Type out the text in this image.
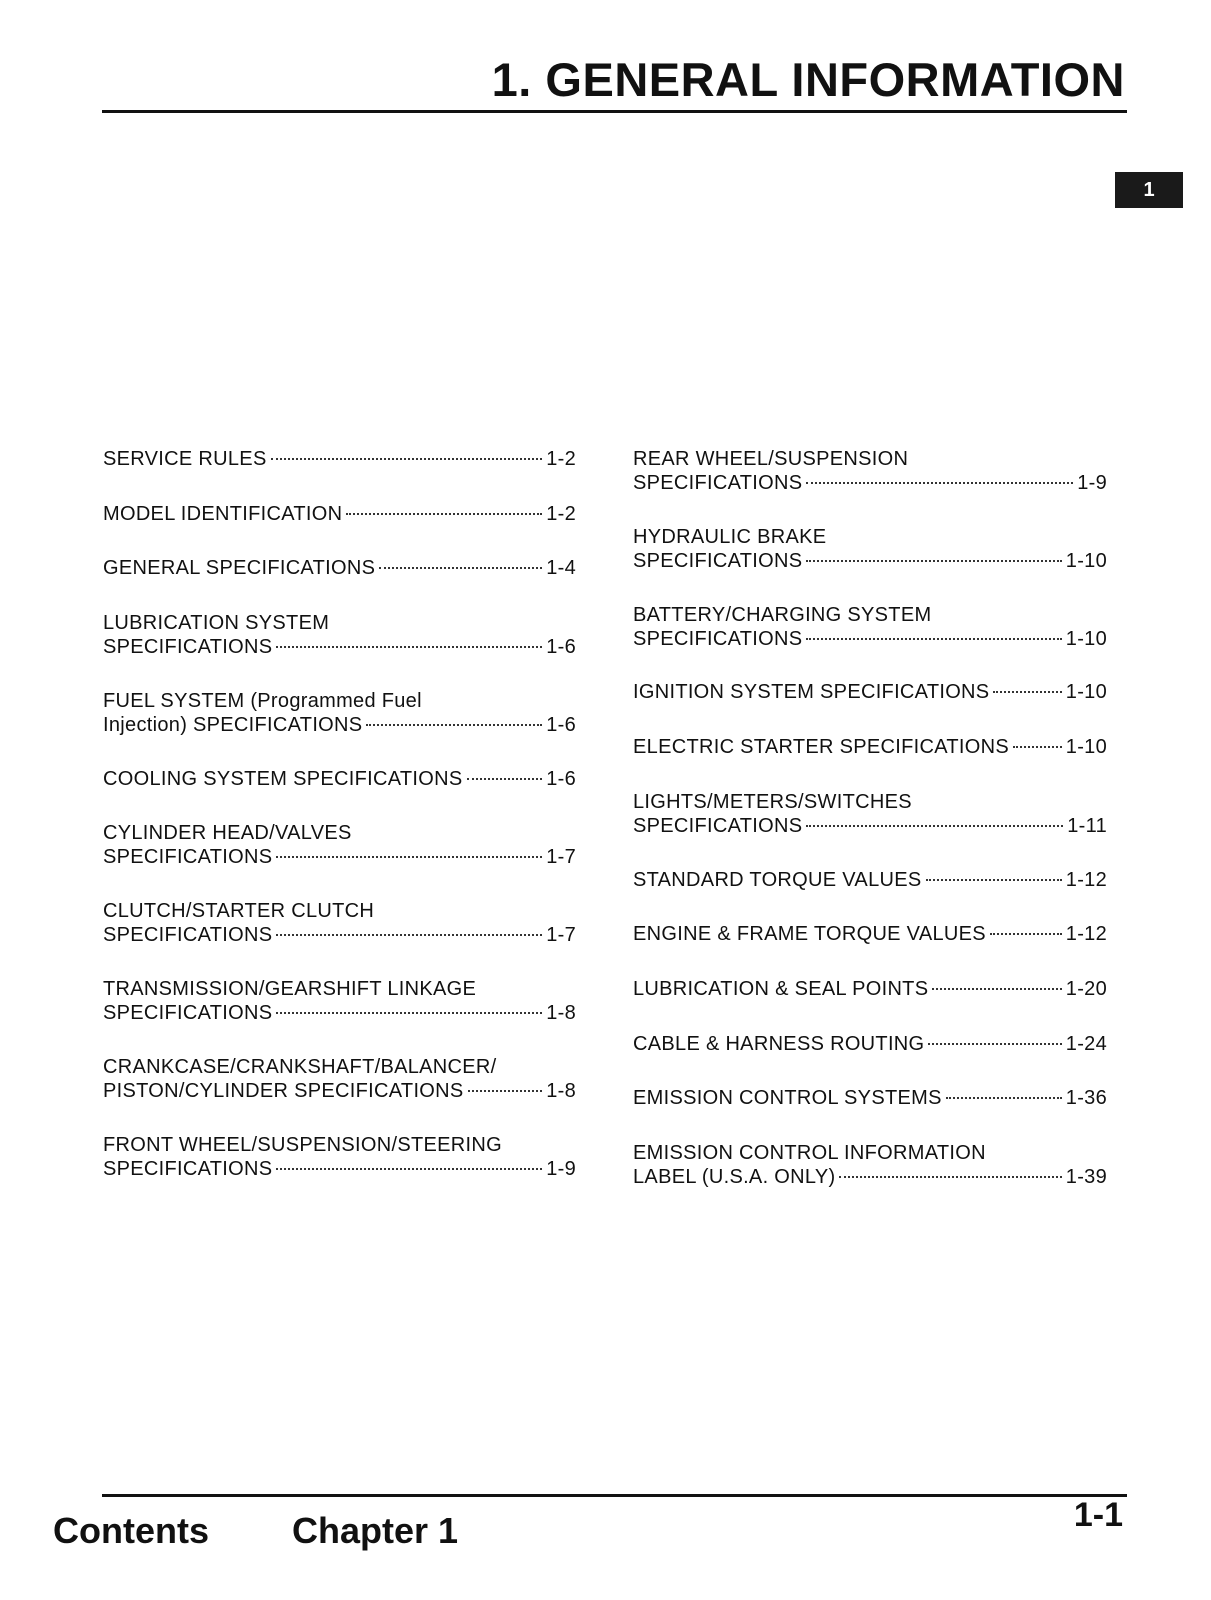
1. GENERAL INFORMATION
1
SERVICE RULES	1-2
MODEL IDENTIFICATION	1-2
GENERAL SPECIFICATIONS	1-4
LUBRICATION SYSTEM
SPECIFICATIONS	1-6
FUEL SYSTEM (Programmed Fuel
Injection) SPECIFICATIONS	1-6
COOLING SYSTEM SPECIFICATIONS	1-6
CYLINDER HEAD/VALVES
SPECIFICATIONS	1-7
CLUTCH/STARTER CLUTCH
SPECIFICATIONS	1-7
TRANSMISSION/GEARSHIFT LINKAGE
SPECIFICATIONS	1-8
CRANKCASE/CRANKSHAFT/BALANCER/
PISTON/CYLINDER SPECIFICATIONS	1-8
FRONT WHEEL/SUSPENSION/STEERING
SPECIFICATIONS	1-9
REAR WHEEL/SUSPENSION
SPECIFICATIONS	1-9
HYDRAULIC BRAKE
SPECIFICATIONS	1-10
BATTERY/CHARGING SYSTEM
SPECIFICATIONS	1-10
IGNITION SYSTEM SPECIFICATIONS	1-10
ELECTRIC STARTER SPECIFICATIONS	1-10
LIGHTS/METERS/SWITCHES
SPECIFICATIONS	1-11
STANDARD TORQUE VALUES	1-12
ENGINE & FRAME TORQUE VALUES	1-12
LUBRICATION & SEAL POINTS	1-20
CABLE & HARNESS ROUTING	1-24
EMISSION CONTROL SYSTEMS	1-36
EMISSION CONTROL INFORMATION
LABEL (U.S.A. ONLY)	1-39
Contents Chapter 1	1-1
